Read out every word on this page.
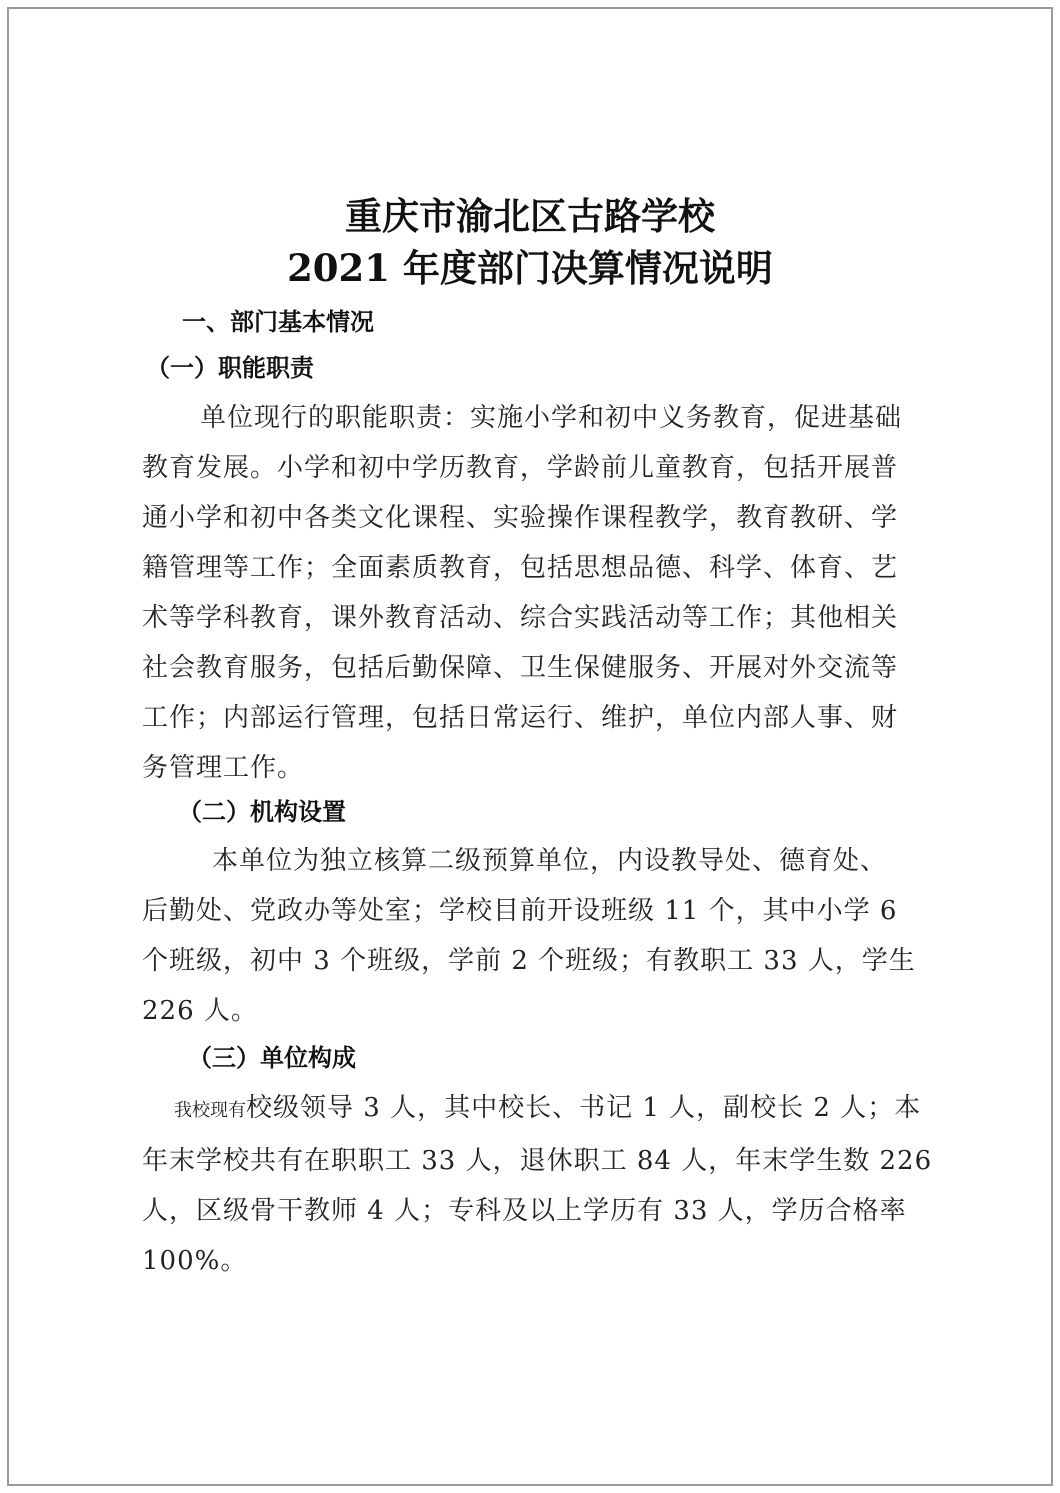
重庆市渝北区古路学校
2021 年度部门决算情况说明
一、部门基本情况
（一）职能职责
单位现行的职能职责：实施小学和初中义务教育，促进基础
教育发展。小学和初中学历教育，学龄前儿童教育，包括开展普
通小学和初中各类文化课程、实验操作课程教学，教育教研、学
籍管理等工作；全面素质教育，包括思想品德、科学、体育、艺
术等学科教育，课外教育活动、综合实践活动等工作；其他相关
社会教育服务，包括后勤保障、卫生保健服务、开展对外交流等
工作；内部运行管理，包括日常运行、维护，单位内部人事、财
务管理工作。
（二）机构设置
本单位为独立核算二级预算单位，内设教导处、德育处、
后勤处、党政办等处室；学校目前开设班级 11 个，其中小学 6
个班级，初中 3 个班级，学前 2 个班级；有教职工 33 人，学生
226 人。
（三）单位构成
我校现有校级领导 3 人，其中校长、书记 1 人，副校长 2 人；本
年末学校共有在职职工 33 人，退休职工 84 人，年末学生数 226
人，区级骨干教师 4 人；专科及以上学历有 33 人，学历合格率
100%。
